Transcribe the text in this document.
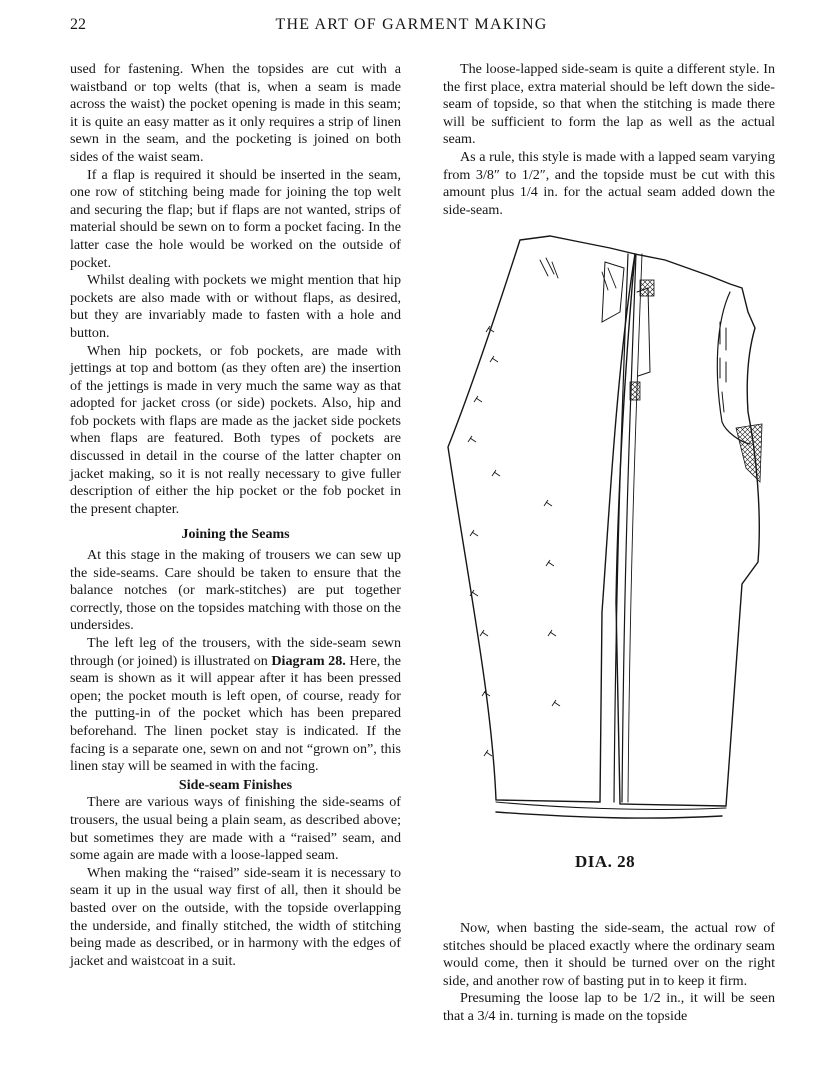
22	THE ART OF GARMENT MAKING

used for fastening. When the topsides are cut with a waistband or top welts (that is, when a seam is made across the waist) the pocket opening is made in this seam; it is quite an easy matter as it only requires a strip of linen sewn in the seam, and the pocketing is joined on both sides of the waist seam.

If a flap is required it should be inserted in the seam, one row of stitching being made for joining the top welt and securing the flap; but if flaps are not wanted, strips of material should be sewn on to form a pocket facing. In the latter case the hole would be worked on the outside of pocket.

Whilst dealing with pockets we might mention that hip pockets are also made with or without flaps, as desired, but they are invariably made to fasten with a hole and button.

When hip pockets, or fob pockets, are made with jettings at top and bottom (as they often are) the insertion of the jettings is made in very much the same way as that adopted for jacket cross (or side) pockets. Also, hip and fob pockets with flaps are made as the jacket side pockets when flaps are featured. Both types of pockets are discussed in detail in the course of the latter chapter on jacket making, so it is not really necessary to give fuller description of either the hip pocket or the fob pocket in the present chapter.

Joining the Seams

At this stage in the making of trousers we can sew up the side-seams. Care should be taken to ensure that the balance notches (or mark-stitches) are put together correctly, those on the topsides matching with those on the undersides.

The left leg of the trousers, with the side-seam sewn through (or joined) is illustrated on Diagram 28. Here, the seam is shown as it will appear after it has been pressed open; the pocket mouth is left open, of course, ready for the putting-in of the pocket which has been prepared beforehand. The linen pocket stay is indicated. If the facing is a separate one, sewn on and not “grown on”, this linen stay will be seamed in with the facing.

Side-seam Finishes

There are various ways of finishing the side-seams of trousers, the usual being a plain seam, as described above; but sometimes they are made with a “raised” seam, and some again are made with a loose-lapped seam.

When making the “raised” side-seam it is necessary to seam it up in the usual way first of all, then it should be basted over on the outside, with the topside overlapping the underside, and finally stitched, the width of stitching being made as described, or in harmony with the edges of jacket and waistcoat in a suit.

The loose-lapped side-seam is quite a different style. In the first place, extra material should be left down the side-seam of topside, so that when the stitching is made there will be sufficient to form the lap as well as the actual seam.

As a rule, this style is made with a lapped seam varying from 3/8″ to 1/2″, and the topside must be cut with this amount plus 1/4 in. for the actual seam added down the side-seam.

DIA. 28

Now, when basting the side-seam, the actual row of stitches should be placed exactly where the ordinary seam would come, then it should be turned over on the right side, and another row of basting put in to keep it firm.

Presuming the loose lap to be 1/2 in., it will be seen that a 3/4 in. turning is made on the topside
